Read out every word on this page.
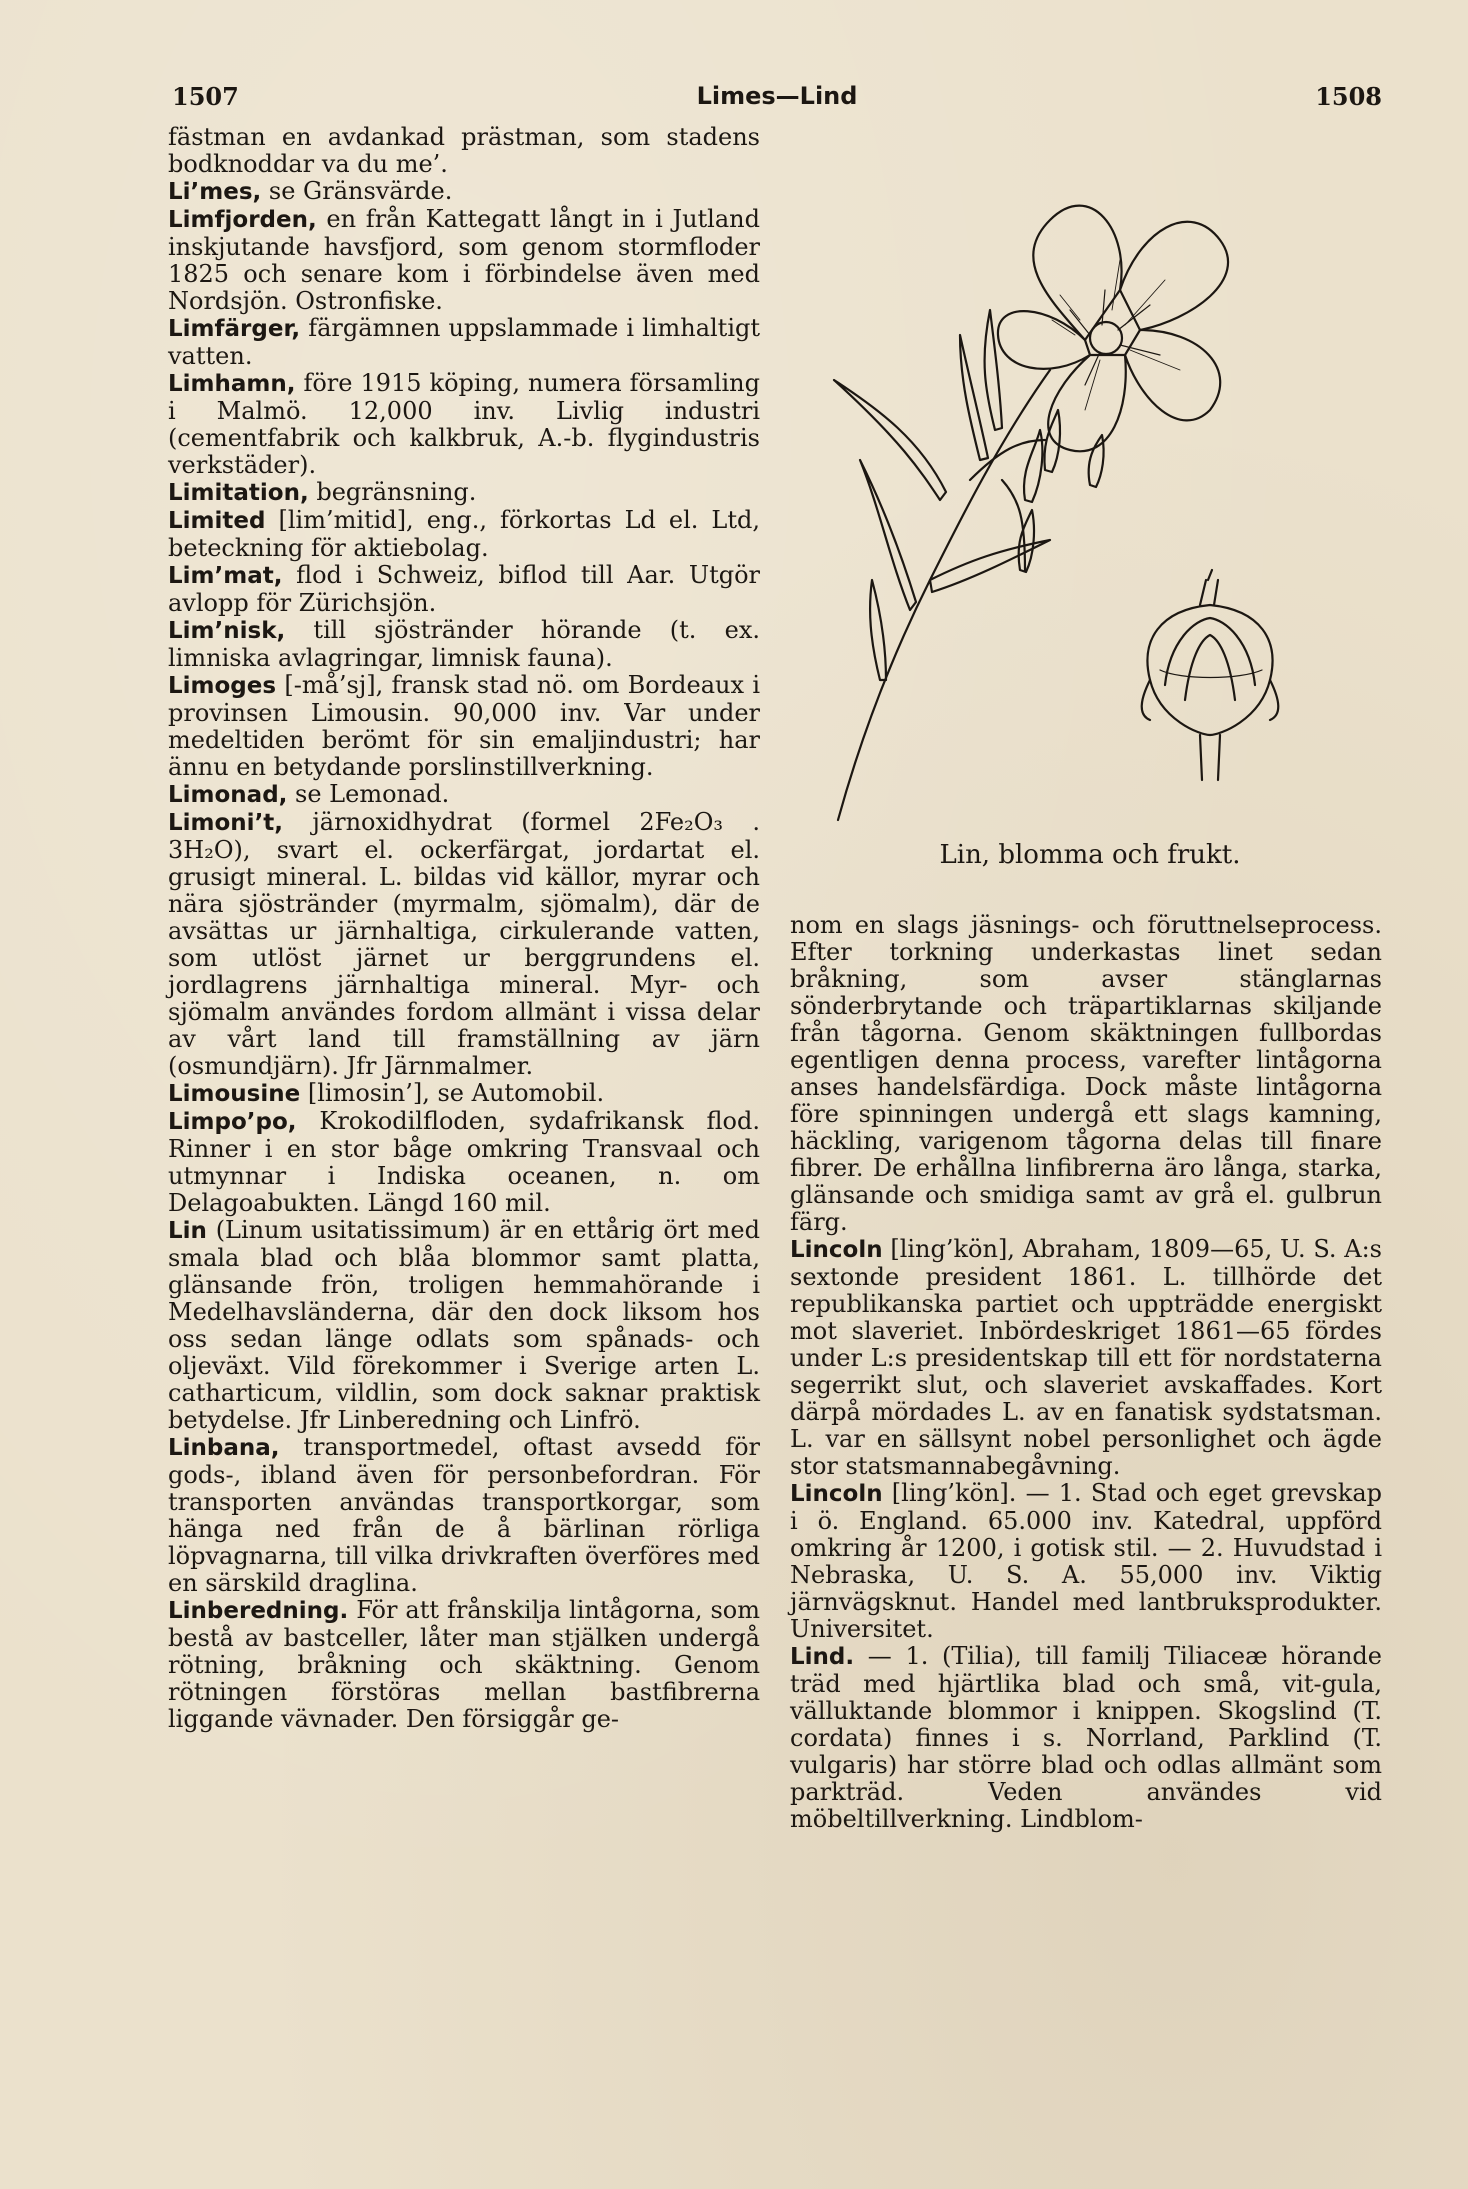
1507	Limes—Lind	1508

fästman en avdankad prästman, som stadens bodknoddar va du me’.

Li’mes, se Gränsvärde.

Limfjorden, en från Kattegatt långt in i Jutland inskjutande havsfjord, som genom stormfloder 1825 och senare kom i förbindelse även med Nordsjön. Ostronfiske.

Limfärger, färgämnen uppslammade i limhaltigt vatten.

Limhamn, före 1915 köping, numera församling i Malmö. 12,000 inv. Livlig industri (cementfabrik och kalkbruk, A.-b. flygindustris verkstäder).

Limitation, begränsning.

Limited [lim’mitid], eng., förkortas Ld el. Ltd, beteckning för aktiebolag.

Lim’mat, flod i Schweiz, biflod till Aar. Utgör avlopp för Zürichsjön.

Lim’nisk, till sjöstränder hörande (t. ex. limniska avlagringar, limnisk fauna).

Limoges [-må’sj], fransk stad nö. om Bordeaux i provinsen Limousin. 90,000 inv. Var under medeltiden berömt för sin emaljindustri; har ännu en betydande porslinstillverkning.

Limonad, se Lemonad.

Limoni’t, järnoxidhydrat (formel 2Fe₂O₃ . 3H₂O), svart el. ockerfärgat, jordartat el. grusigt mineral. L. bildas vid källor, myrar och nära sjöstränder (myrmalm, sjömalm), där de avsättas ur järnhaltiga, cirkulerande vatten, som utlöst järnet ur berggrundens el. jordlagrens järnhaltiga mineral. Myr- och sjömalm användes fordom allmänt i vissa delar av vårt land till framställning av järn (osmundjärn). Jfr Järnmalmer.

Limousine [limosin’], se Automobil.

Limpo’po, Krokodilfloden, sydafrikansk flod. Rinner i en stor båge omkring Transvaal och utmynnar i Indiska oceanen, n. om Delagoabukten. Längd 160 mil.

Lin (Linum usitatissimum) är en ettårig ört med smala blad och blåa blommor samt platta, glänsande frön, troligen hemmahörande i Medelhavsländerna, där den dock liksom hos oss sedan länge odlats som spånads- och oljeväxt. Vild förekommer i Sverige arten L. catharticum, vildlin, som dock saknar praktisk betydelse. Jfr Linberedning och Linfrö.

Linbana, transportmedel, oftast avsedd för gods-, ibland även för personbefordran. För transporten användas transportkorgar, som hänga ned från de å bärlinan rörliga löpvagnarna, till vilka drivkraften överföres med en särskild draglina.

Linberedning. För att frånskilja lintågorna, som bestå av bastceller, låter man stjälken undergå rötning, bråkning och skäktning. Genom rötningen förstöras mellan bastfibrerna liggande vävnader. Den försiggår ge-

Lin, blomma och frukt.

nom en slags jäsnings- och föruttnelseprocess. Efter torkning underkastas linet sedan bråkning, som avser stänglarnas sönderbrytande och träpartiklarnas skiljande från tågorna. Genom skäktningen fullbordas egentligen denna process, varefter lintågorna anses handelsfärdiga. Dock måste lintågorna före spinningen undergå ett slags kamning, häckling, varigenom tågorna delas till finare fibrer. De erhållna linfibrerna äro långa, starka, glänsande och smidiga samt av grå el. gulbrun färg.

Lincoln [ling’kön], Abraham, 1809—65, U. S. A:s sextonde president 1861. L. tillhörde det republikanska partiet och uppträdde energiskt mot slaveriet. Inbördeskriget 1861—65 fördes under L:s presidentskap till ett för nordstaterna segerrikt slut, och slaveriet avskaffades. Kort därpå mördades L. av en fanatisk sydstatsman. L. var en sällsynt nobel personlighet och ägde stor statsmannabegåvning.

Lincoln [ling’kön]. — 1. Stad och eget grevskap i ö. England. 65.000 inv. Katedral, uppförd omkring år 1200, i gotisk stil. — 2. Huvudstad i Nebraska, U. S. A. 55,000 inv. Viktig järnvägsknut. Handel med lantbruksprodukter. Universitet.

Lind. — 1. (Tilia), till familj Tiliaceæ hörande träd med hjärtlika blad och små, vit-gula, välluktande blommor i knippen. Skogslind (T. cordata) finnes i s. Norrland, Parklind (T. vulgaris) har större blad och odlas allmänt som parkträd. Veden användes vid möbeltillverkning. Lindblom-
